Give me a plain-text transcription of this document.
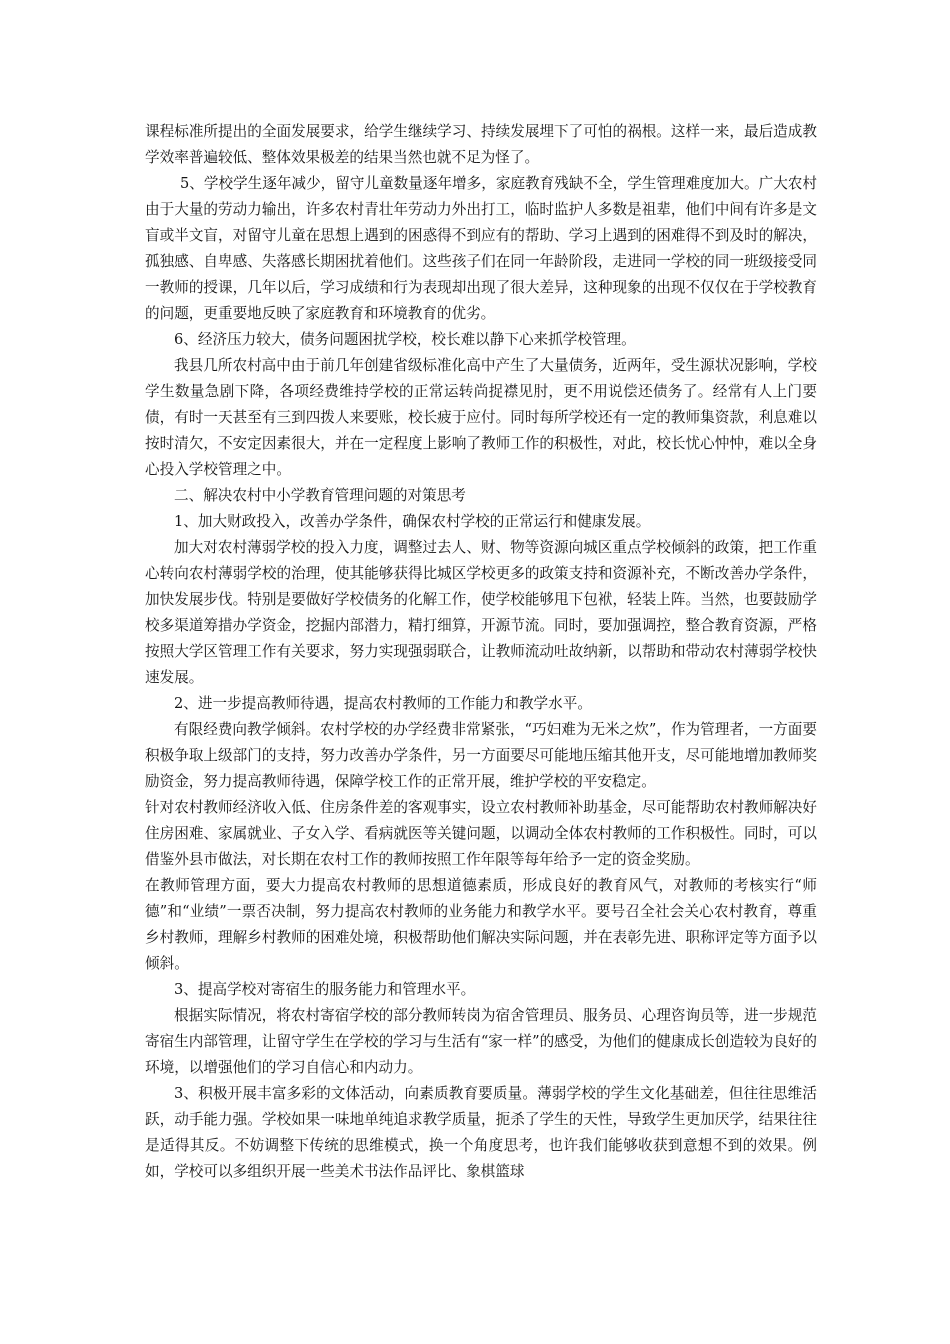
课程标准所提出的全面发展要求，给学生继续学习、持续发展埋下了可怕的祸根。这样一来，最后造成教学效率普遍较低、整体效果极差的结果当然也就不足为怪了。

5、学校学生逐年减少，留守儿童数量逐年增多，家庭教育残缺不全，学生管理难度加大。广大农村由于大量的劳动力输出，许多农村青壮年劳动力外出打工，临时监护人多数是祖辈，他们中间有许多是文盲或半文盲，对留守儿童在思想上遇到的困惑得不到应有的帮助、学习上遇到的困难得不到及时的解决，孤独感、自卑感、失落感长期困扰着他们。这些孩子们在同一年龄阶段，走进同一学校的同一班级接受同一教师的授课，几年以后，学习成绩和行为表现却出现了很大差异，这种现象的出现不仅仅在于学校教育的问题，更重要地反映了家庭教育和环境教育的优劣。

6、经济压力较大，债务问题困扰学校，校长难以静下心来抓学校管理。

我县几所农村高中由于前几年创建省级标准化高中产生了大量债务，近两年，受生源状况影响，学校学生数量急剧下降，各项经费维持学校的正常运转尚捉襟见肘，更不用说偿还债务了。经常有人上门要债，有时一天甚至有三到四拨人来要账，校长疲于应付。同时每所学校还有一定的教师集资款，利息难以按时清欠，不安定因素很大，并在一定程度上影响了教师工作的积极性，对此，校长忧心忡忡，难以全身心投入学校管理之中。

二、解决农村中小学教育管理问题的对策思考

1、加大财政投入，改善办学条件，确保农村学校的正常运行和健康发展。

加大对农村薄弱学校的投入力度，调整过去人、财、物等资源向城区重点学校倾斜的政策，把工作重心转向农村薄弱学校的治理，使其能够获得比城区学校更多的政策支持和资源补充，不断改善办学条件，加快发展步伐。特别是要做好学校债务的化解工作，使学校能够甩下包袱，轻装上阵。当然，也要鼓励学校多渠道筹措办学资金，挖掘内部潜力，精打细算，开源节流。同时，要加强调控，整合教育资源，严格按照大学区管理工作有关要求，努力实现强弱联合，让教师流动吐故纳新，以帮助和带动农村薄弱学校快速发展。

2、进一步提高教师待遇，提高农村教师的工作能力和教学水平。

有限经费向教学倾斜。农村学校的办学经费非常紧张，“巧妇难为无米之炊”，作为管理者，一方面要积极争取上级部门的支持，努力改善办学条件，另一方面要尽可能地压缩其他开支，尽可能地增加教师奖励资金，努力提高教师待遇，保障学校工作的正常开展，维护学校的平安稳定。

针对农村教师经济收入低、住房条件差的客观事实，设立农村教师补助基金，尽可能帮助农村教师解决好住房困难、家属就业、子女入学、看病就医等关键问题，以调动全体农村教师的工作积极性。同时，可以借鉴外县市做法，对长期在农村工作的教师按照工作年限等每年给予一定的资金奖励。

在教师管理方面，要大力提高农村教师的思想道德素质，形成良好的教育风气，对教师的考核实行“师德”和“业绩”一票否决制，努力提高农村教师的业务能力和教学水平。要号召全社会关心农村教育，尊重乡村教师，理解乡村教师的困难处境，积极帮助他们解决实际问题，并在表彰先进、职称评定等方面予以倾斜。

3、提高学校对寄宿生的服务能力和管理水平。

根据实际情况，将农村寄宿学校的部分教师转岗为宿舍管理员、服务员、心理咨询员等，进一步规范寄宿生内部管理，让留守学生在学校的学习与生活有“家一样”的感受，为他们的健康成长创造较为良好的环境，以增强他们的学习自信心和内动力。

3、积极开展丰富多彩的文体活动，向素质教育要质量。薄弱学校的学生文化基础差，但往往思维活跃，动手能力强。学校如果一味地单纯追求教学质量，扼杀了学生的天性，导致学生更加厌学，结果往往是适得其反。不妨调整下传统的思维模式，换一个角度思考，也许我们能够收获到意想不到的效果。例如，学校可以多组织开展一些美术书法作品评比、象棋篮球
